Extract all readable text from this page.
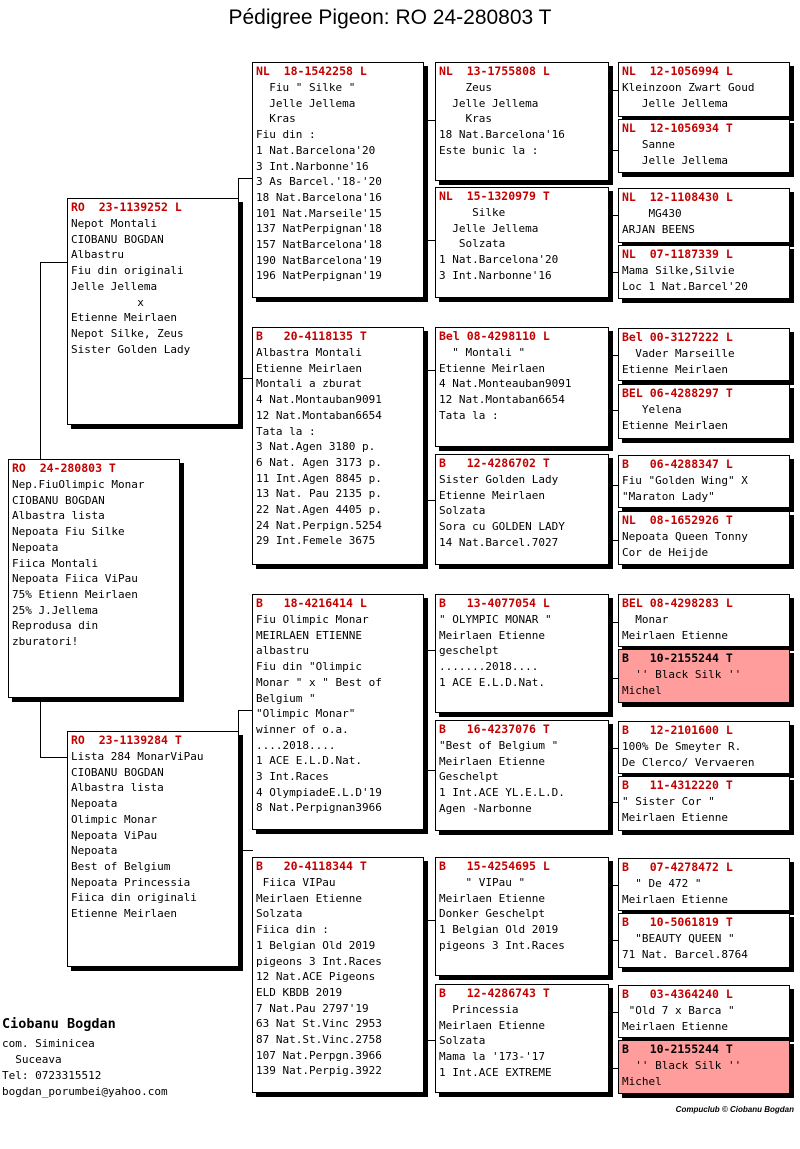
Pédigree Pigeon: RO 24-280803 T
RO  24-280803 T
Nep.FiuOlimpic Monar
CIOBANU BOGDAN
Albastra lista
Nepoata Fiu Silke
Nepoata
Fiica Montali
Nepoata Fiica ViPau
75% Etienn Meirlaen
25% J.Jellema
Reprodusa din
zburatori!
RO  23-1139252 L
Nepot Montali
CIOBANU BOGDAN
Albastru
Fiu din originali
Jelle Jellema
x
Etienne Meirlaen
Nepot Silke, Zeus
Sister Golden Lady
RO  23-1139284 T
Lista 284 MonarViPau
CIOBANU BOGDAN
Albastra lista
Nepoata
Olimpic Monar
Nepoata ViPau
Nepoata
Best of Belgium
Nepoata Princessia
Fiica din originali
Etienne Meirlaen
NL  18-1542258 L
Fiu " Silke "
Jelle Jellema
Kras
Fiu din :
1 Nat.Barcelona'20
3 Int.Narbonne'16
3 As Barcel.'18-'20
18 Nat.Barcelona'16
101 Nat.Marseile'15
137 NatPerpignan'18
157 NatBarcelona'18
190 NatBarcelona'19
196 NatPerpignan'19
B   20-4118135 T
Albastra Montali
Etienne Meirlaen
Montali a zburat
4 Nat.Montauban9091
12 Nat.Montaban6654
Tata la :
3 Nat.Agen 3180 p.
6 Nat. Agen 3173 p.
11 Int.Agen 8845 p.
13 Nat. Pau 2135 p.
22 Nat.Agen 4405 p.
24 Nat.Perpign.5254
29 Int.Femele 3675
B   18-4216414 L
Fiu Olimpic Monar
MEIRLAEN ETIENNE
albastru
Fiu din "Olimpic
Monar " x " Best of
Belgium "
"Olimpic Monar"
winner of o.a.
....2018....
1 ACE E.L.D.Nat.
3 Int.Races
4 OlympiadeE.L.D'19
8 Nat.Perpignan3966
B   20-4118344 T
Fiica VIPau
Meirlaen Etienne
Solzata
Fiica din :
1 Belgian Old 2019
pigeons 3 Int.Races
12 Nat.ACE Pigeons
ELD KBDB 2019
7 Nat.Pau 2797'19
63 Nat St.Vinc 2953
87 Nat.St.Vinc.2758
107 Nat.Perpgn.3966
139 Nat.Perpig.3922
NL  13-1755808 L
Zeus
Jelle Jellema
Kras
18 Nat.Barcelona'16
Este bunic la :
NL  15-1320979 T
Silke
Jelle Jellema
Solzata
1 Nat.Barcelona'20
3 Int.Narbonne'16
Bel 08-4298110 L
" Montali "
Etienne Meirlaen
4 Nat.Monteauban9091
12 Nat.Montaban6654
Tata la :
B   12-4286702 T
Sister Golden Lady
Etienne Meirlaen
Solzata
Sora cu GOLDEN LADY
14 Nat.Barcel.7027
B   13-4077054 L
" OLYMPIC MONAR "
Meirlaen Etienne
geschelpt
.......2018....
1 ACE E.L.D.Nat.
B   16-4237076 T
"Best of Belgium "
Meirlaen Etienne
Geschelpt
1 Int.ACE YL.E.L.D.
Agen -Narbonne
B   15-4254695 L
" VIPau "
Meirlaen Etienne
Donker Geschelpt
1 Belgian Old 2019
pigeons 3 Int.Races
B   12-4286743 T
Princessia
Meirlaen Etienne
Solzata
Mama la '173-'17
1 Int.ACE EXTREME
NL  12-1056994 L
Kleinzoon Zwart Goud
Jelle Jellema
NL  12-1056934 T
Sanne
Jelle Jellema
NL  12-1108430 L
MG430
ARJAN BEENS
NL  07-1187339 L
Mama Silke,Silvie
Loc 1 Nat.Barcel'20
Bel 00-3127222 L
Vader Marseille
Etienne Meirlaen
BEL 06-4288297 T
Yelena
Etienne Meirlaen
B   06-4288347 L
Fiu "Golden Wing" X
"Maraton Lady"
NL  08-1652926 T
Nepoata Queen Tonny
Cor de Heijde
BEL 08-4298283 L
Monar
Meirlaen Etienne
B   10-2155244 T
'' Black Silk ''
Michel
B   12-2101600 L
100% De Smeyter R.
De Clerco/ Vervaeren
B   11-4312220 T
" Sister Cor "
Meirlaen Etienne
B   07-4278472 L
" De 472 "
Meirlaen Etienne
B   10-5061819 T
"BEAUTY QUEEN "
71 Nat. Barcel.8764
B   03-4364240 L
"Old 7 x Barca "
Meirlaen Etienne
B   10-2155244 T
'' Black Silk ''
Michel
Ciobanu Bogdan
com. Siminicea
Suceava
Tel: 0723315512
bogdan_porumbei@yahoo.com
Compuclub © Ciobanu Bogdan
